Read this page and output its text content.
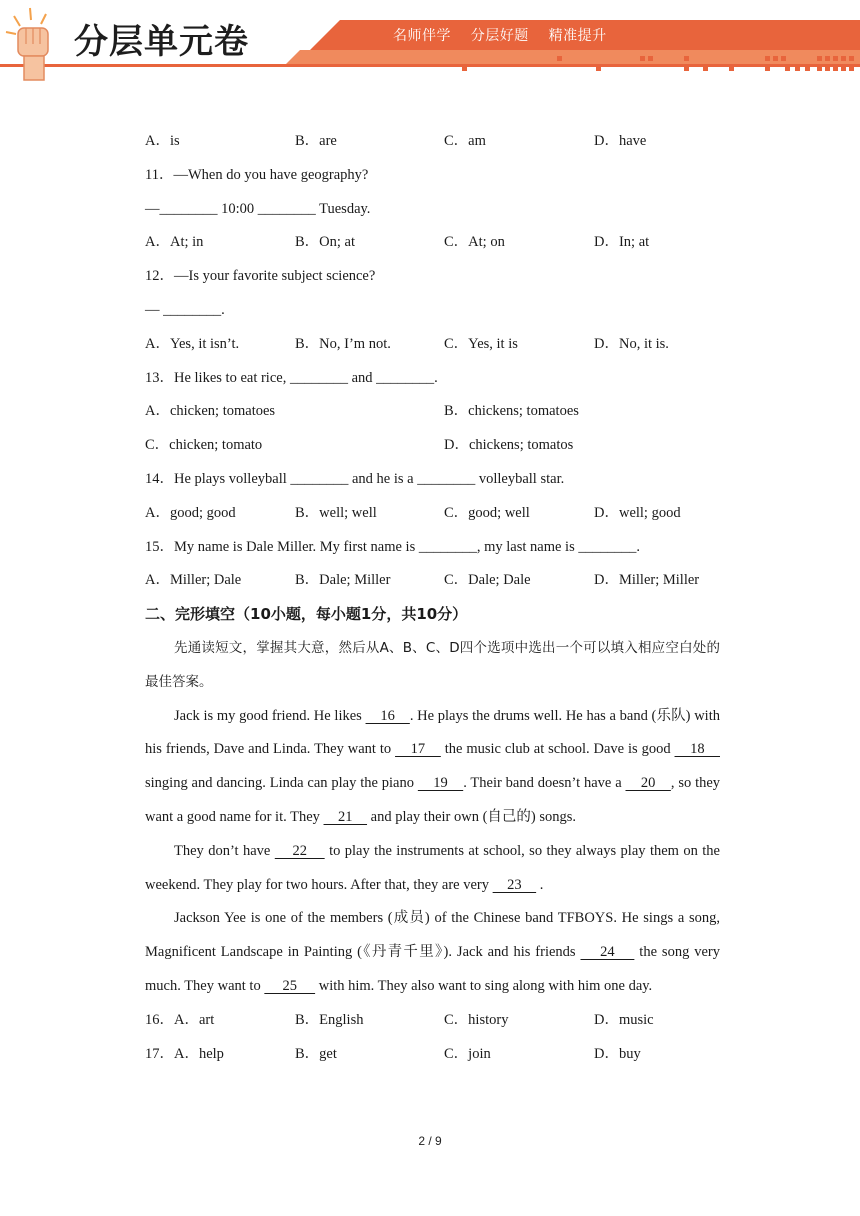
分层单元卷	名师伴学    分层好题    精准提升
A．is	B．are	C．am	D．have
11．—When do you have geography?
—________ 10:00 ________ Tuesday.
A．At; in	B．On; at	C．At; on	D．In; at
12．—Is your favorite subject science?
— ________.
A．Yes, it isn’t.	B．No, I’m not.	C．Yes, it is	D．No, it is.
13．He likes to eat rice, ________ and ________.
A．chicken; tomatoes	B．chickens; tomatoes
C．chicken; tomato	D．chickens; tomatos
14．He plays volleyball ________ and he is a ________ volleyball star.
A．good; good	B．well; well	C．good; well	D．well; good
15．My name is Dale Miller. My first name is ________, my last name is ________.
A．Miller; Dale	B．Dale; Miller	C．Dale; Dale	D．Miller; Miller
二、完形填空（10小题，每小题1分，共10分）
先通读短文，掌握其大意，然后从A、B、C、D四个选项中选出一个可以填入相应空白处的最佳答案。
Jack is my good friend. He likes     16    . He plays the drums well. He has a band (乐队) with his friends, Dave and Linda. They want to     17     the music club at school. Dave is good     18     singing and dancing. Linda can play the piano     19    . Their band doesn’t have a     20    , so they want a good name for it. They     21     and play their own (自己的) songs.
They don’t have     22     to play the instruments at school, so they always play them on the weekend. They play for two hours. After that, they are very     23     .
Jackson Yee is one of the members (成员) of the Chinese band TFBOYS. He sings a song, Magnificent Landscape in Painting (《丹青千里》). Jack and his friends     24     the song very much. They want to      25      with him. They also want to sing along with him one day.
16．A．art	B．English	C．history	D．music
17．A．help	B．get	C．join	D．buy
2 / 9
